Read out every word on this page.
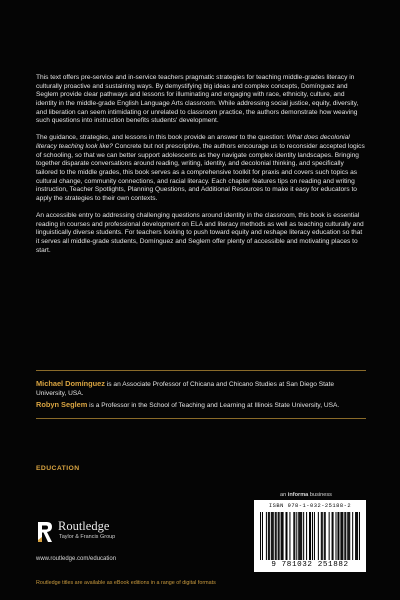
This text offers pre-service and in-service teachers pragmatic strategies for teaching middle-grades literacy in culturally proactive and sustaining ways. By demystifying big ideas and complex concepts, Domínguez and Seglem provide clear pathways and lessons for illuminating and engaging with race, ethnicity, culture, and identity in the middle-grade English Language Arts classroom. While addressing social justice, equity, diversity, and liberation can seem intimidating or unrelated to classroom practice, the authors demonstrate how weaving such questions into instruction benefits students' development.

The guidance, strategies, and lessons in this book provide an answer to the question: What does decolonial literacy teaching look like? Concrete but not prescriptive, the authors encourage us to reconsider accepted logics of schooling, so that we can better support adolescents as they navigate complex identity landscapes. Bringing together disparate conversations around reading, writing, identity, and decolonial thinking, and specifically tailored to the middle grades, this book serves as a comprehensive toolkit for praxis and covers such topics as cultural change, community connections, and racial literacy. Each chapter features tips on reading and writing instruction, Teacher Spotlights, Planning Questions, and Additional Resources to make it easy for educators to apply the strategies to their own contexts.

An accessible entry to addressing challenging questions around identity in the classroom, this book is essential reading in courses and professional development on ELA and literacy methods as well as teaching culturally and linguistically diverse students. For teachers looking to push toward equity and reshape literacy education so that it serves all middle-grade students, Domínguez and Seglem offer plenty of accessible and motivating places to start.

Michael Domínguez is an Associate Professor of Chicana and Chicano Studies at San Diego State University, USA.
Robyn Seglem is a Professor in the School of Teaching and Learning at Illinois State University, USA.
EDUCATION
Routledge
Taylor & Francis Group
www.routledge.com/education
Routledge titles are available as eBook editions in a range of digital formats
an informa business
ISBN 978-1-032-25188-2
9 781032 251882
